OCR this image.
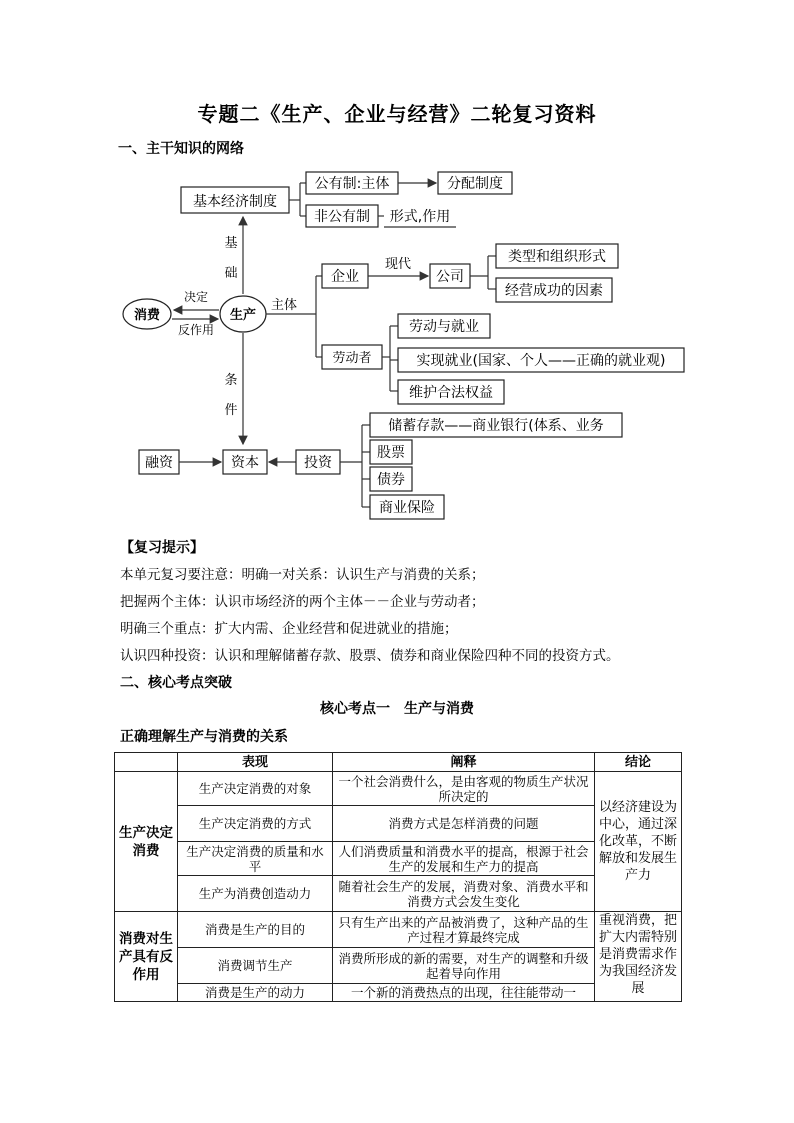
专题二《生产、企业与经营》二轮复习资料
一、主干知识的网络
基本经济制度
公有制:主体	分配制度
非公有制 形式,作用
基
础
消费	生产
决定
反作用
主体
企业
现代
公司
类型和组织形式
经营成功的因素
劳动者
劳动与就业
实现就业(国家、个人——正确的就业观)
维护合法权益
条
件
融资	资本	投资
储蓄存款——商业银行(体系、业务
股票
债券
商业保险
【复习提示】
本单元复习要注意：明确一对关系：认识生产与消费的关系；
把握两个主体：认识市场经济的两个主体－－企业与劳动者；
明确三个重点：扩大内需、企业经营和促进就业的措施；
认识四种投资：认识和理解储蓄存款、股票、债券和商业保险四种不同的投资方式。
二、核心考点突破
核心考点一　生产与消费
正确理解生产与消费的关系
	表现	阐释	结论
生产决定消费	生产决定消费的对象	一个社会消费什么，是由客观的物质生产状况所决定的	以经济建设为中心，通过深化改革，不断解放和发展生产力
	生产决定消费的方式	消费方式是怎样消费的问题	
	生产决定消费的质量和水平	人们消费质量和消费水平的提高，根源于社会生产的发展和生产力的提高	
	生产为消费创造动力	随着社会生产的发展，消费对象、消费水平和消费方式会发生变化	
消费对生产具有反作用	消费是生产的目的	只有生产出来的产品被消费了，这种产品的生产过程才算最终完成	重视消费，把扩大内需特别是消费需求作为我国经济发展
	消费调节生产	消费所形成的新的需要，对生产的调整和升级起着导向作用	
	消费是生产的动力	一个新的消费热点的出现，往往能带动一	
